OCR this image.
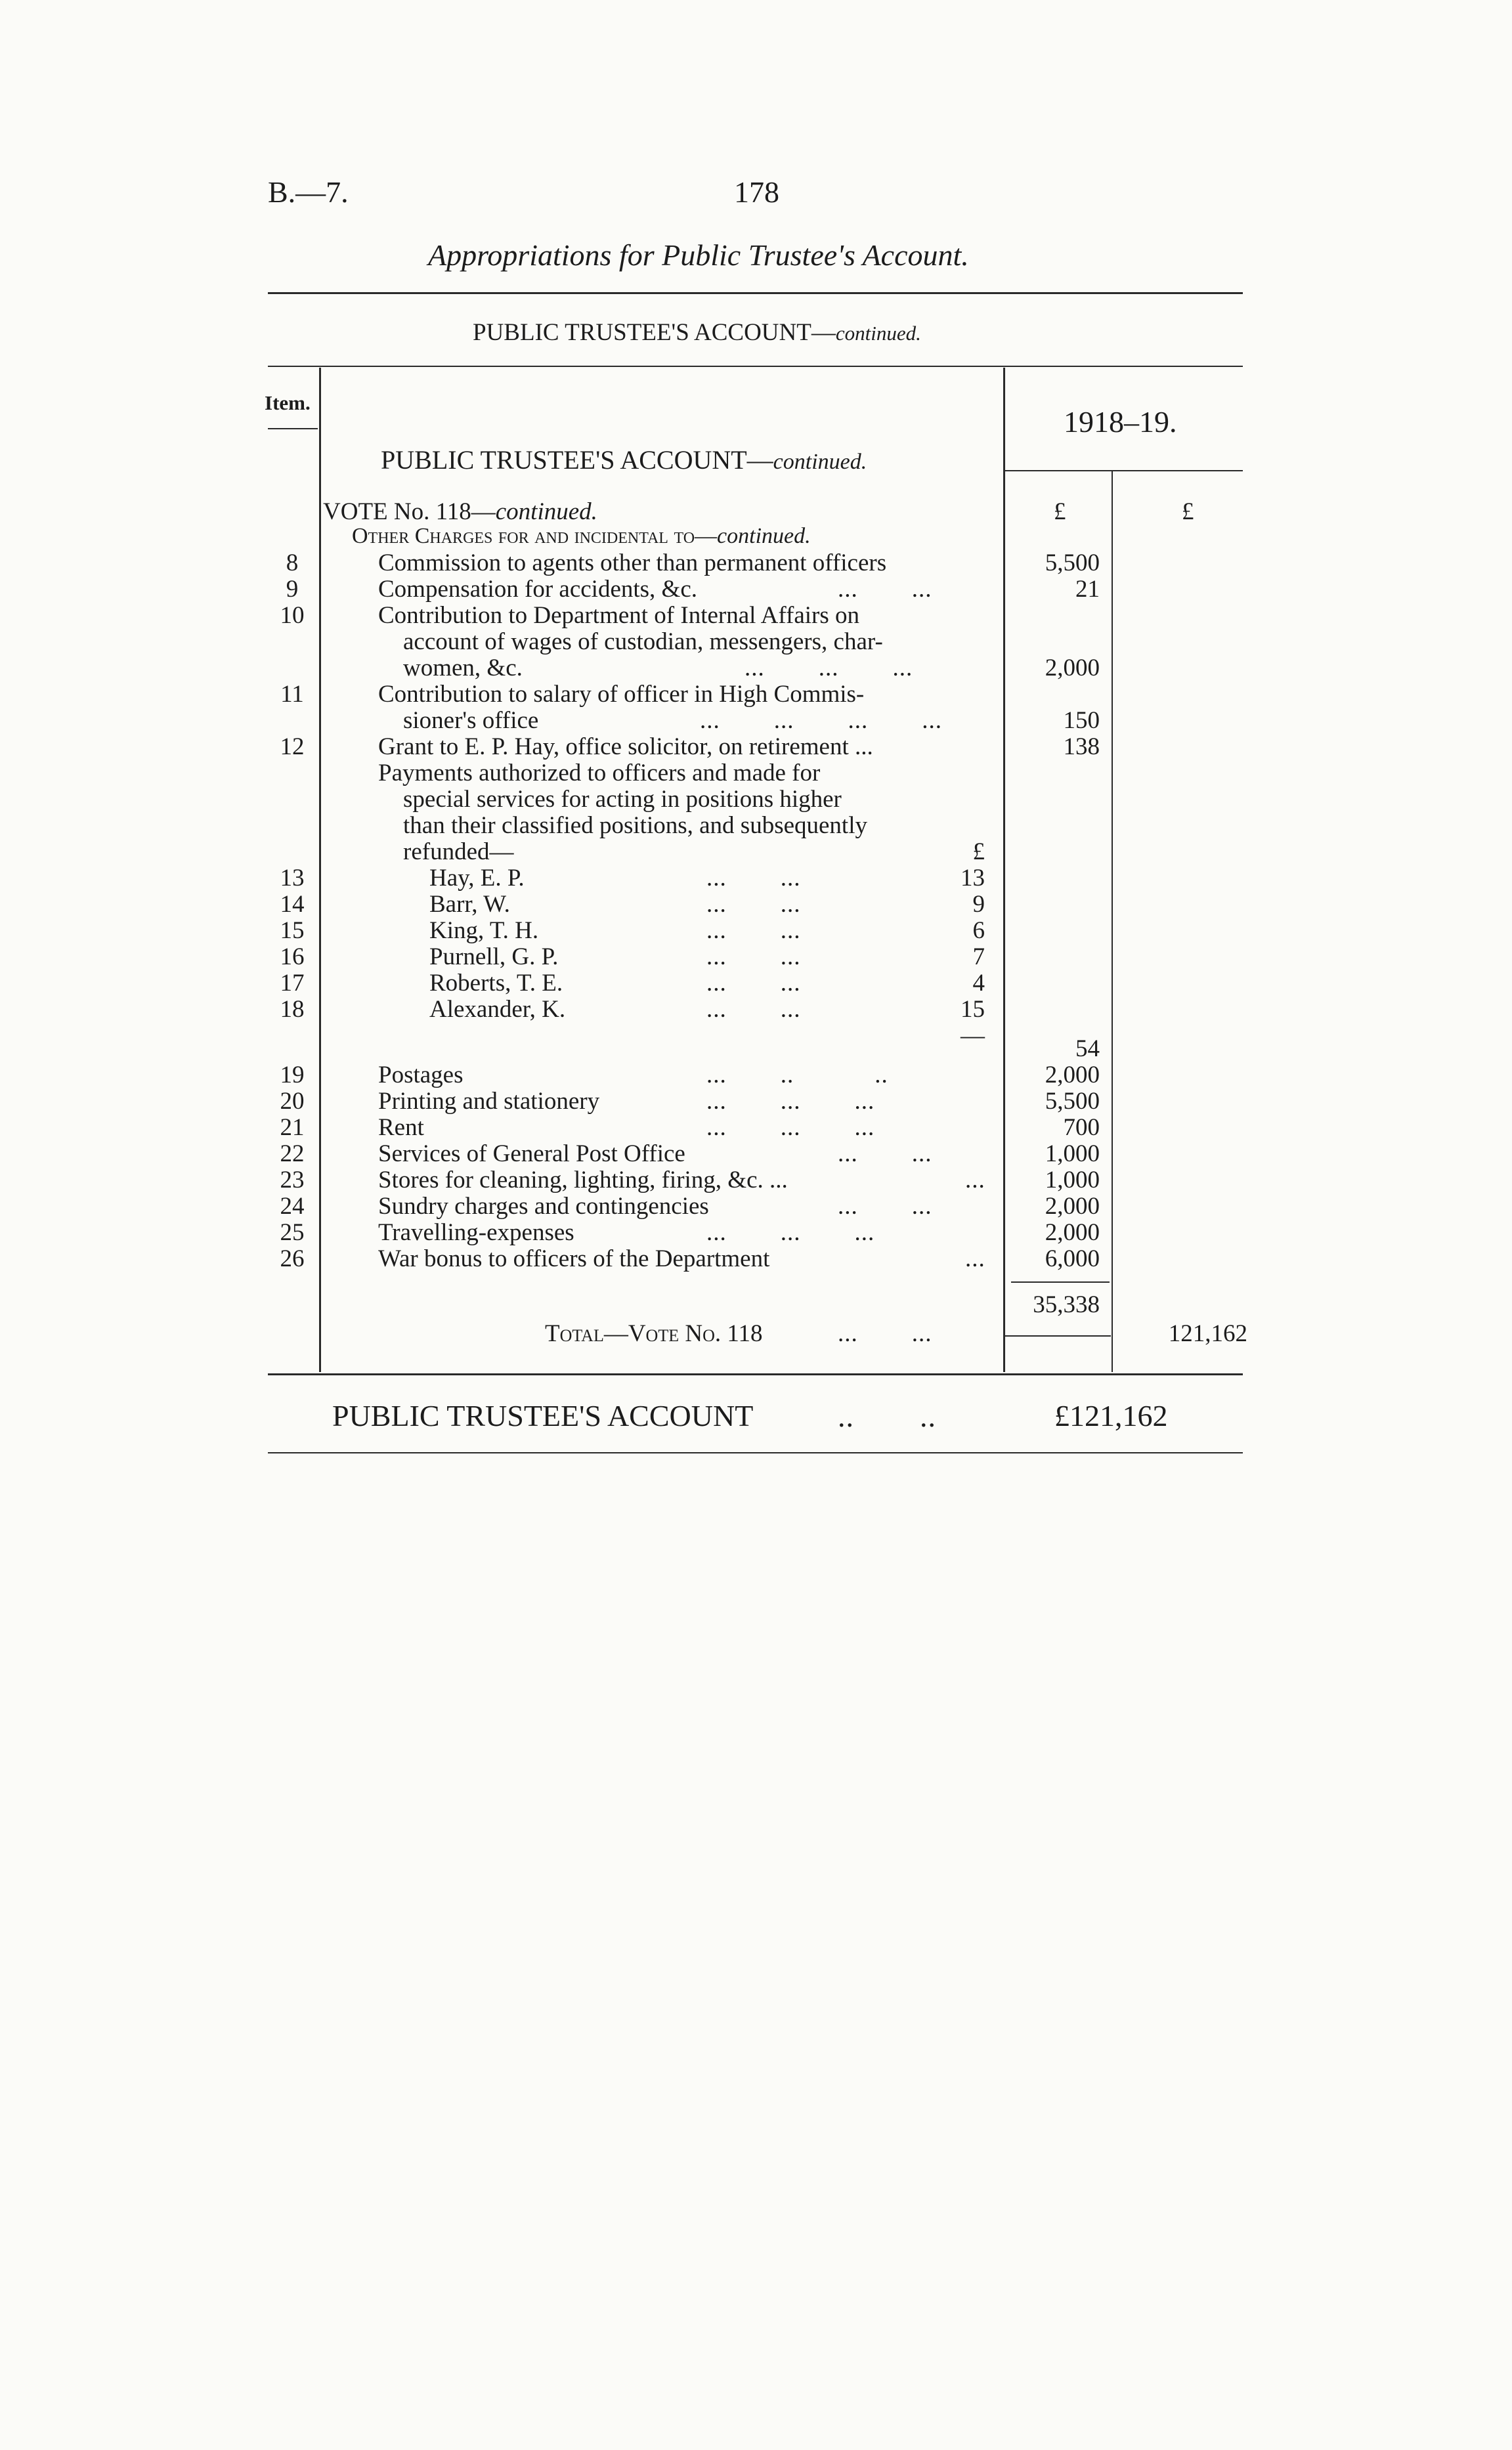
B.—7.	178
Appropriations for Public Trustee's Account.
PUBLIC TRUSTEE'S ACCOUNT—continued.
Item.
PUBLIC TRUSTEE'S ACCOUNT—continued.
1918–19.
£	£
VOTE No. 118—continued.
Other Charges for and incidental to—continued.
8	Commission to agents other than permanent officers	5,500
9	Compensation for accidents, &c.	...        ...	21
10	Contribution to Department of Internal Affairs on
account of wages of custodian, messengers, char-
women, &c.	...        ...        ...	2,000
11	Contribution to salary of officer in High Commis-
sioner's office	...        ...        ...        ...	150
12	Grant to E. P. Hay, office solicitor, on retirement ...	138
Payments authorized to officers and made for
special services for acting in positions higher
than their classified positions, and subsequently
refunded—	£
13	Hay, E. P.	...        ...	13
14	Barr, W.	...        ...	9
15	King, T. H.	...        ...	6
16	Purnell, G. P.	...        ...	7
17	Roberts, T. E.	...        ...	4
18	Alexander, K.	...        ...	15
—	54
19	Postages	...        ..            ..	2,000
20	Printing and stationery	...        ...        ...	5,500
21	Rent	...        ...        ...	700
22	Services of General Post Office	...        ...	1,000
23	Stores for cleaning, lighting, firing, &c. ...	...	1,000
24	Sundry charges and contingencies	...        ...	2,000
25	Travelling-expenses	...        ...        ...	2,000
26	War bonus to officers of the Department	...	6,000
35,338
Total—Vote No. 118	...        ...	121,162
PUBLIC TRUSTEE'S ACCOUNT	..        ..	£121,162
